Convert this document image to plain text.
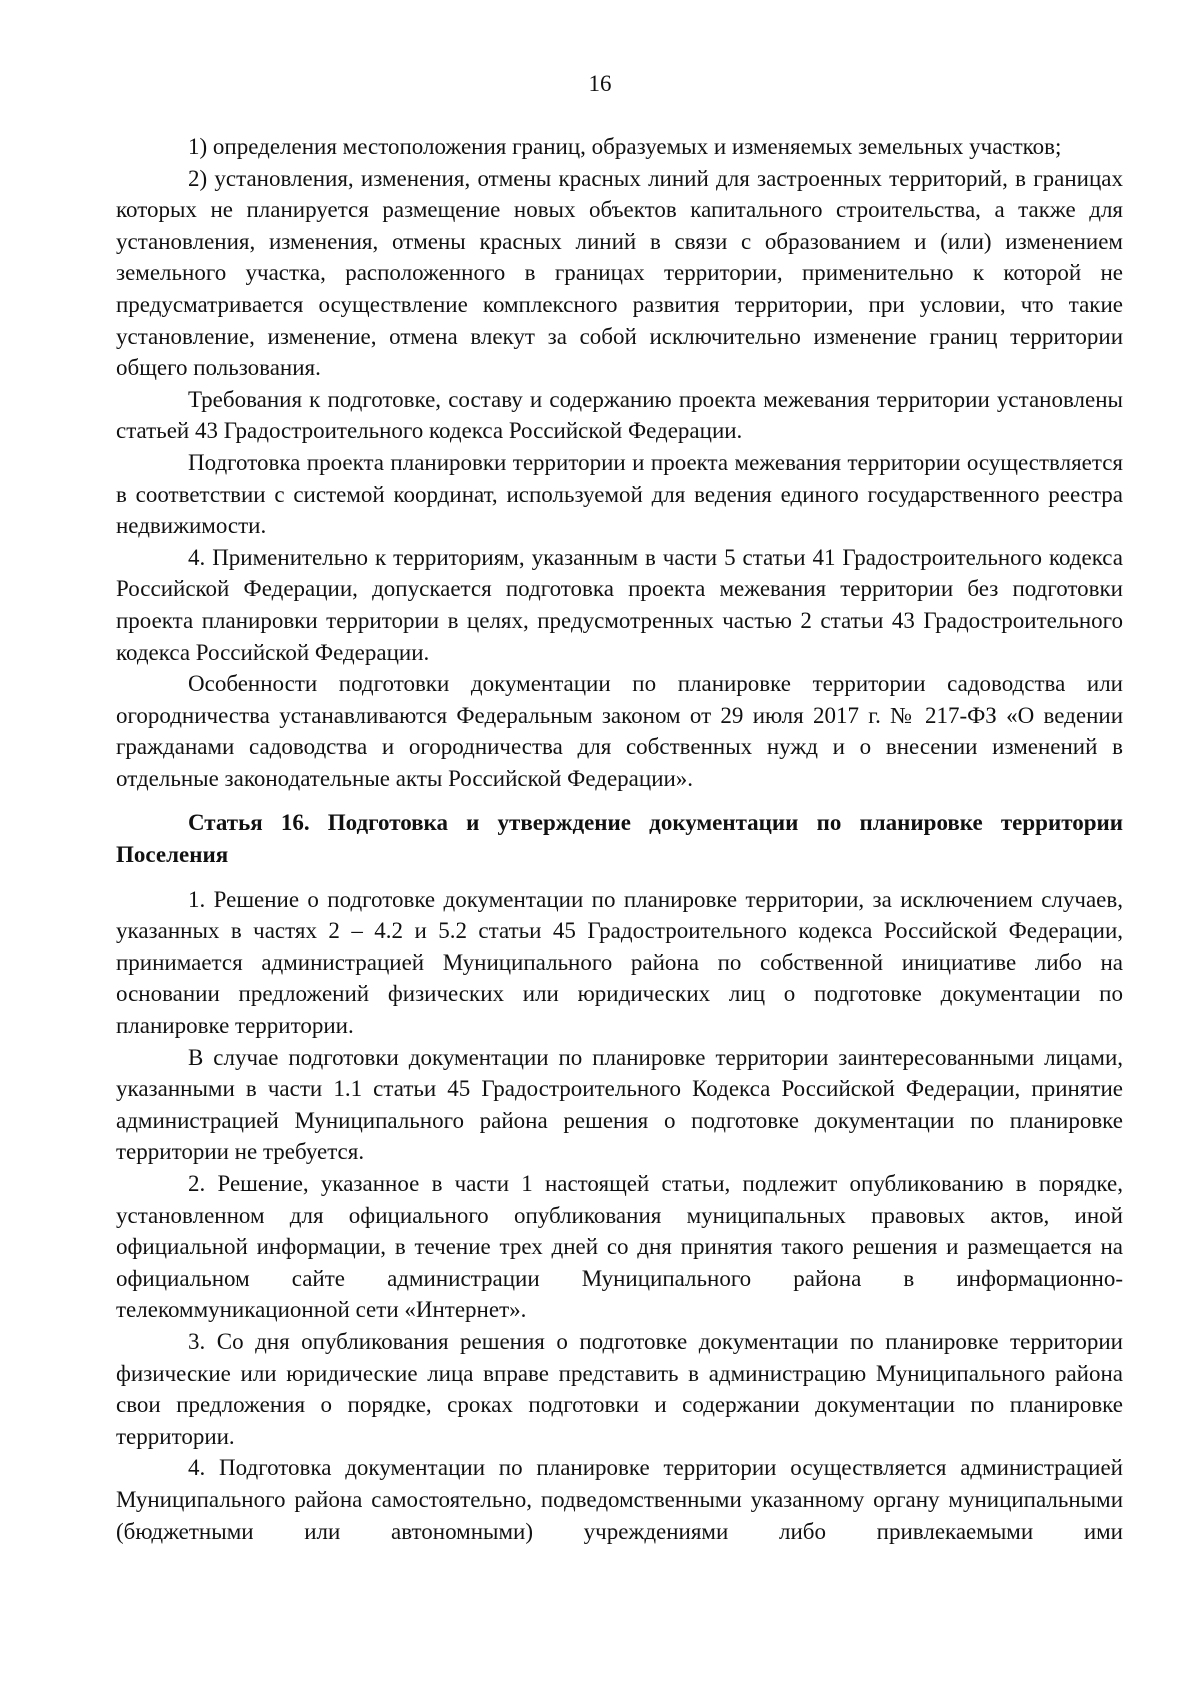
16

1) определения местоположения границ, образуемых и изменяемых земельных участков;

2) установления, изменения, отмены красных линий для застроенных территорий, в границах которых не планируется размещение новых объектов капитального строительства, а также для установления, изменения, отмены красных линий в связи с образованием и (или) изменением земельного участка, расположенного в границах территории, применительно к которой не предусматривается осуществление комплексного развития территории, при условии, что такие установление, изменение, отмена влекут за собой исключительно изменение границ территории общего пользования.

Требования к подготовке, составу и содержанию проекта межевания территории установлены статьей 43 Градостроительного кодекса Российской Федерации.

Подготовка проекта планировки территории и проекта межевания территории осуществляется в соответствии с системой координат, используемой для ведения единого государственного реестра недвижимости.

4. Применительно к территориям, указанным в части 5 статьи 41 Градостроительного кодекса Российской Федерации, допускается подготовка проекта межевания территории без подготовки проекта планировки территории в целях, предусмотренных частью 2 статьи 43 Градостроительного кодекса Российской Федерации.

Особенности подготовки документации по планировке территории садоводства или огородничества устанавливаются Федеральным законом от 29 июля 2017 г. № 217-ФЗ «О ведении гражданами садоводства и огородничества для собственных нужд и о внесении изменений в отдельные законодательные акты Российской Федерации».

Статья 16. Подготовка и утверждение документации по планировке территории Поселения

1. Решение о подготовке документации по планировке территории, за исключением случаев, указанных в частях 2 – 4.2 и 5.2 статьи 45 Градостроительного кодекса Российской Федерации, принимается администрацией Муниципального района по собственной инициативе либо на основании предложений физических или юридических лиц о подготовке документации по планировке территории.

В случае подготовки документации по планировке территории заинтересованными лицами, указанными в части 1.1 статьи 45 Градостроительного Кодекса Российской Федерации, принятие администрацией Муниципального района решения о подготовке документации по планировке территории не требуется.

2. Решение, указанное в части 1 настоящей статьи, подлежит опубликованию в порядке, установленном для официального опубликования муниципальных правовых актов, иной официальной информации, в течение трех дней со дня принятия такого решения и размещается на официальном сайте администрации Муниципального района в информационно-телекоммуникационной сети «Интернет».

3. Со дня опубликования решения о подготовке документации по планировке территории физические или юридические лица вправе представить в администрацию Муниципального района свои предложения о порядке, сроках подготовки и содержании документации по планировке территории.

4. Подготовка документации по планировке территории осуществляется администрацией Муниципального района самостоятельно, подведомственными указанному органу муниципальными (бюджетными или автономными) учреждениями либо привлекаемыми ими
